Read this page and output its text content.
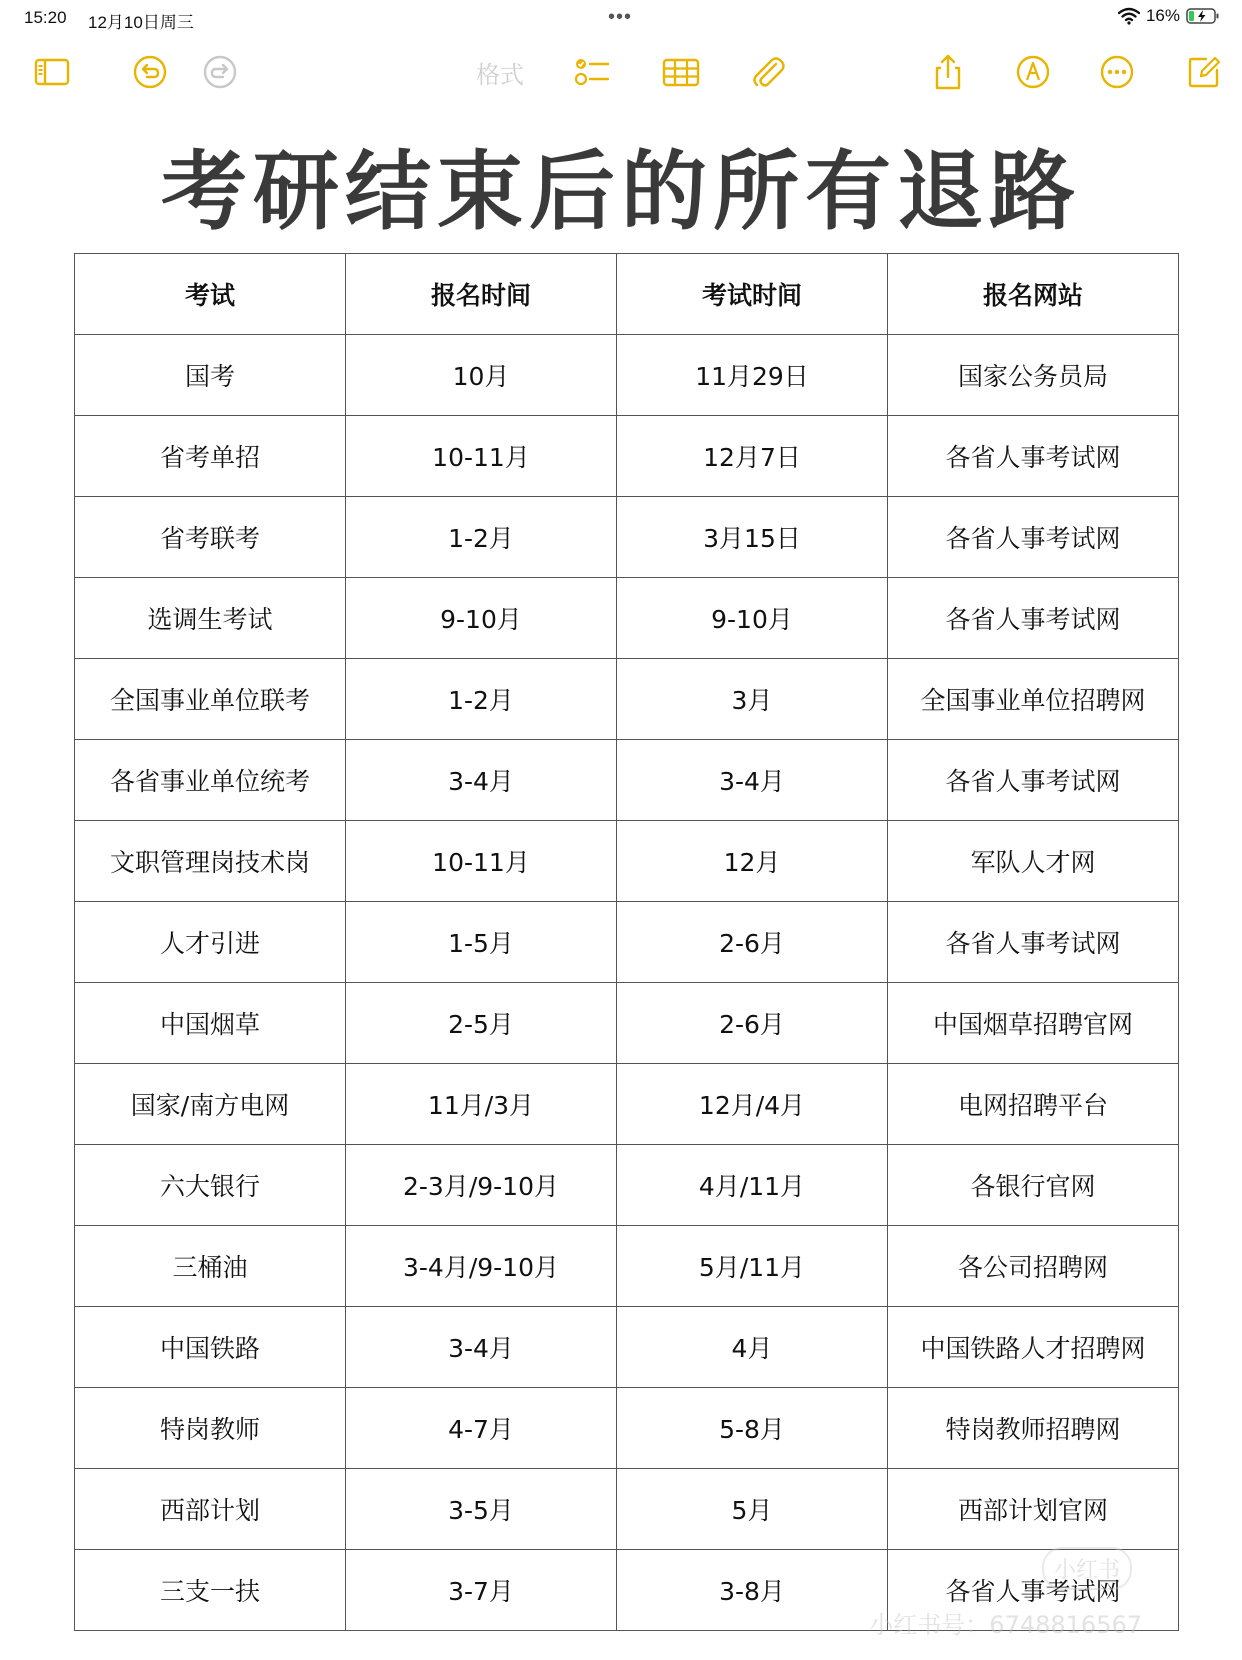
15:20 12月10日周三	•••	16%
格式
考研结束后的所有退路
考试	报名时间	考试时间	报名网站
国考	10月	11月29日	国家公务员局
省考单招	10-11月	12月7日	各省人事考试网
省考联考	1-2月	3月15日	各省人事考试网
选调生考试	9-10月	9-10月	各省人事考试网
全国事业单位联考	1-2月	3月	全国事业单位招聘网
各省事业单位统考	3-4月	3-4月	各省人事考试网
文职管理岗技术岗	10-11月	12月	军队人才网
人才引进	1-5月	2-6月	各省人事考试网
中国烟草	2-5月	2-6月	中国烟草招聘官网
国家/南方电网	11月/3月	12月/4月	电网招聘平台
六大银行	2-3月/9-10月	4月/11月	各银行官网
三桶油	3-4月/9-10月	5月/11月	各公司招聘网
中国铁路	3-4月	4月	中国铁路人才招聘网
特岗教师	4-7月	5-8月	特岗教师招聘网
西部计划	3-5月	5月	西部计划官网
三支一扶	3-7月	3-8月	各省人事考试网
小红书
小红书号：6748816567
